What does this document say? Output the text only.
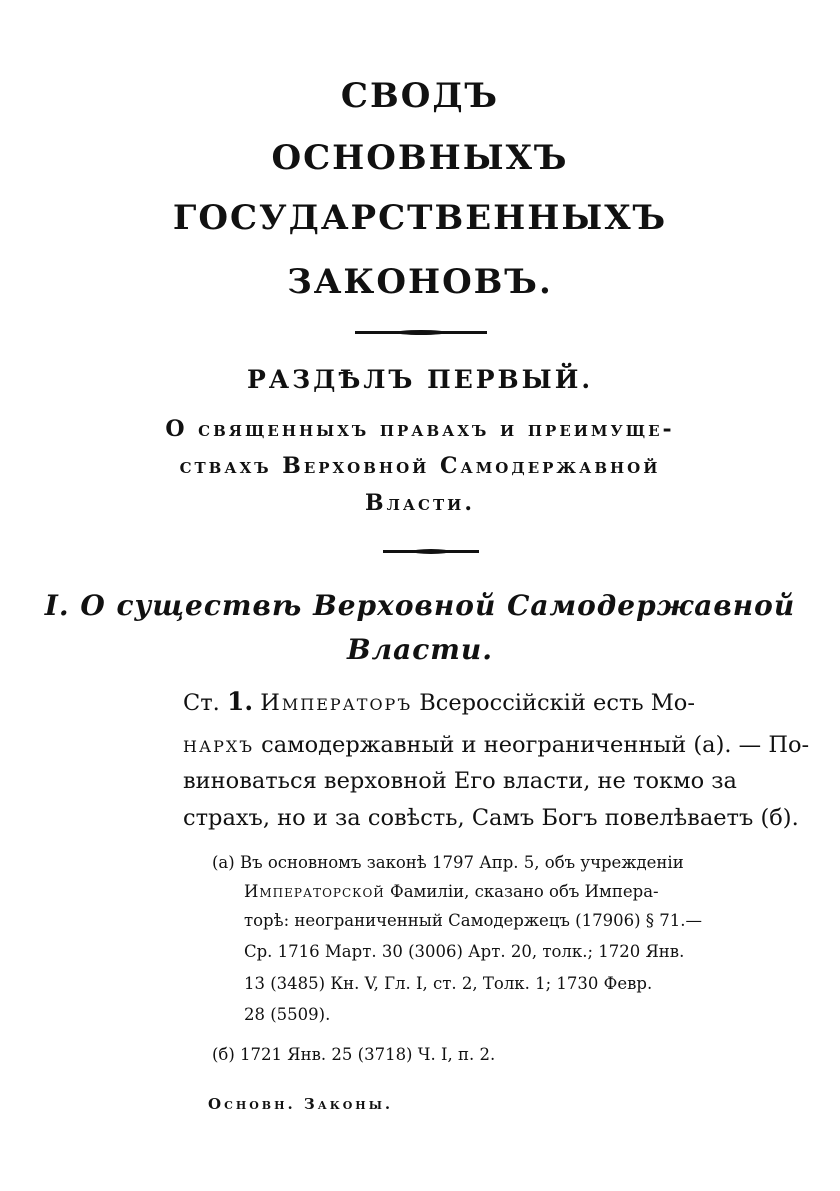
СВОДЪ
ОСНОВНЫХЪ
ГОСУДАРСТВЕННЫХЪ
ЗАКОНОВЪ.
РАЗДѢЛЪ ПЕРВЫЙ.
О священныхъ правахъ и преимуще-
ствахъ Верховной Самодержавной
Власти.
I. О существѣ Верховной Самодержавной
Власти.
Ст. 1. Императоръ Всероссійскій есть Мо-
нархъ самодержавный и неограниченный (а). — По-
виноваться верховной Его власти, не токмо за
страхъ, но и за совѣсть, Самъ Богъ повелѣваетъ (б).
(а) Въ основномъ законѣ 1797 Апр. 5, объ учрежденіи
Императорской Фамиліи, сказано объ Импера-
торѣ: неограниченный Самодержецъ (17906) § 71.—
Ср. 1716 Март. 30 (3006) Арт. 20, толк.; 1720 Янв.
13 (3485) Кн. V, Гл. I, ст. 2, Толк. 1; 1730 Февр.
28 (5509).
(б) 1721 Янв. 25 (3718) Ч. I, п. 2.
Основн. Законы.
